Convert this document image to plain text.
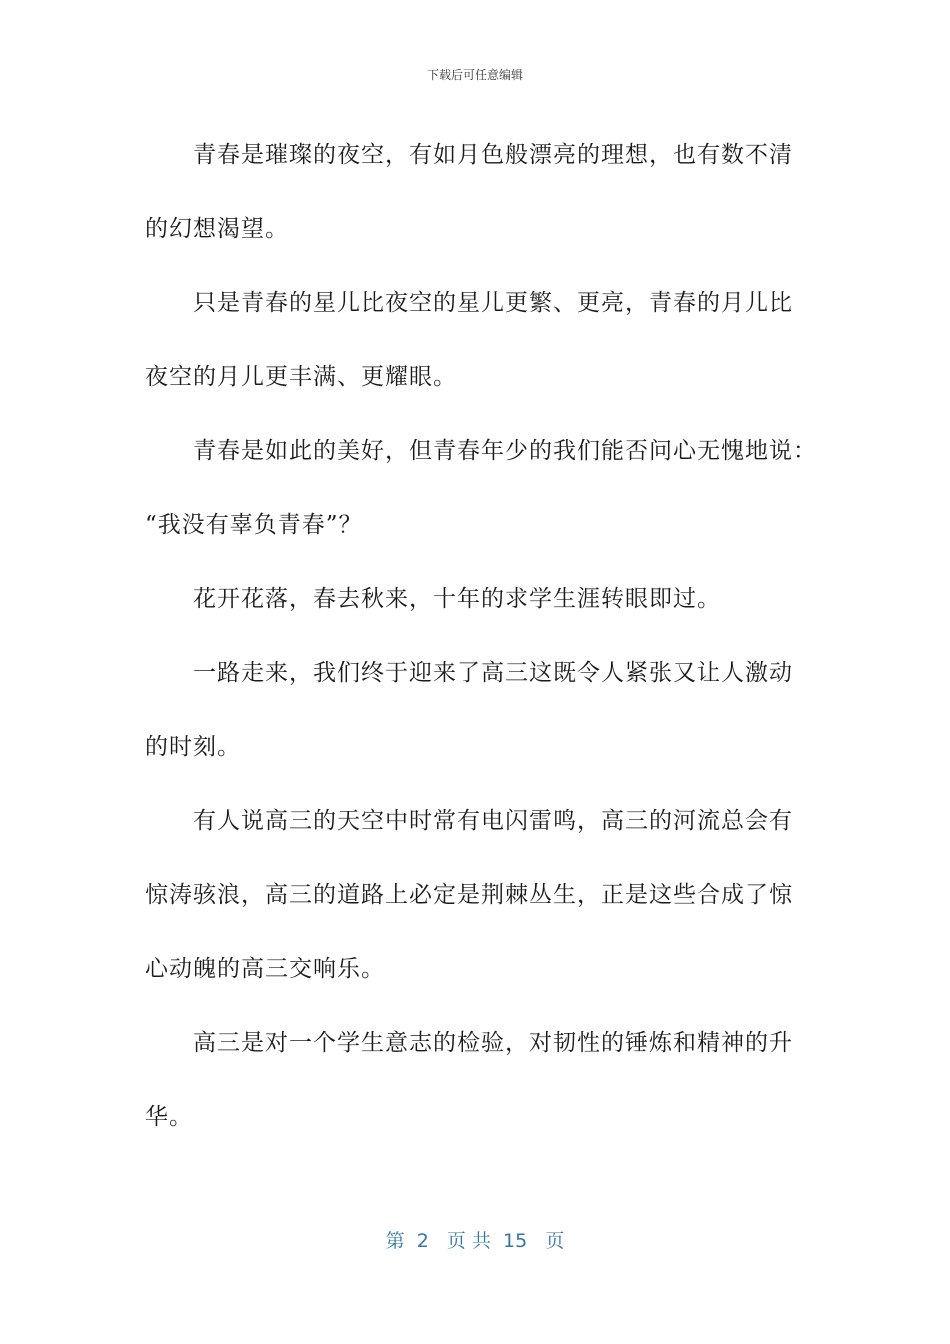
下载后可任意编辑
青春是璀璨的夜空，有如月色般漂亮的理想，也有数不清
的幻想渴望。
只是青春的星儿比夜空的星儿更繁、更亮，青春的月儿比
夜空的月儿更丰满、更耀眼。
青春是如此的美好，但青春年少的我们能否问心无愧地说：
“我没有辜负青春”？
花开花落，春去秋来，十年的求学生涯转眼即过。
一路走来，我们终于迎来了高三这既令人紧张又让人激动
的时刻。
有人说高三的天空中时常有电闪雷鸣，高三的河流总会有
惊涛骇浪，高三的道路上必定是荆棘丛生，正是这些合成了惊
心动魄的高三交响乐。
高三是对一个学生意志的检验，对韧性的锤炼和精神的升
华。
第  2   页 共  15   页
